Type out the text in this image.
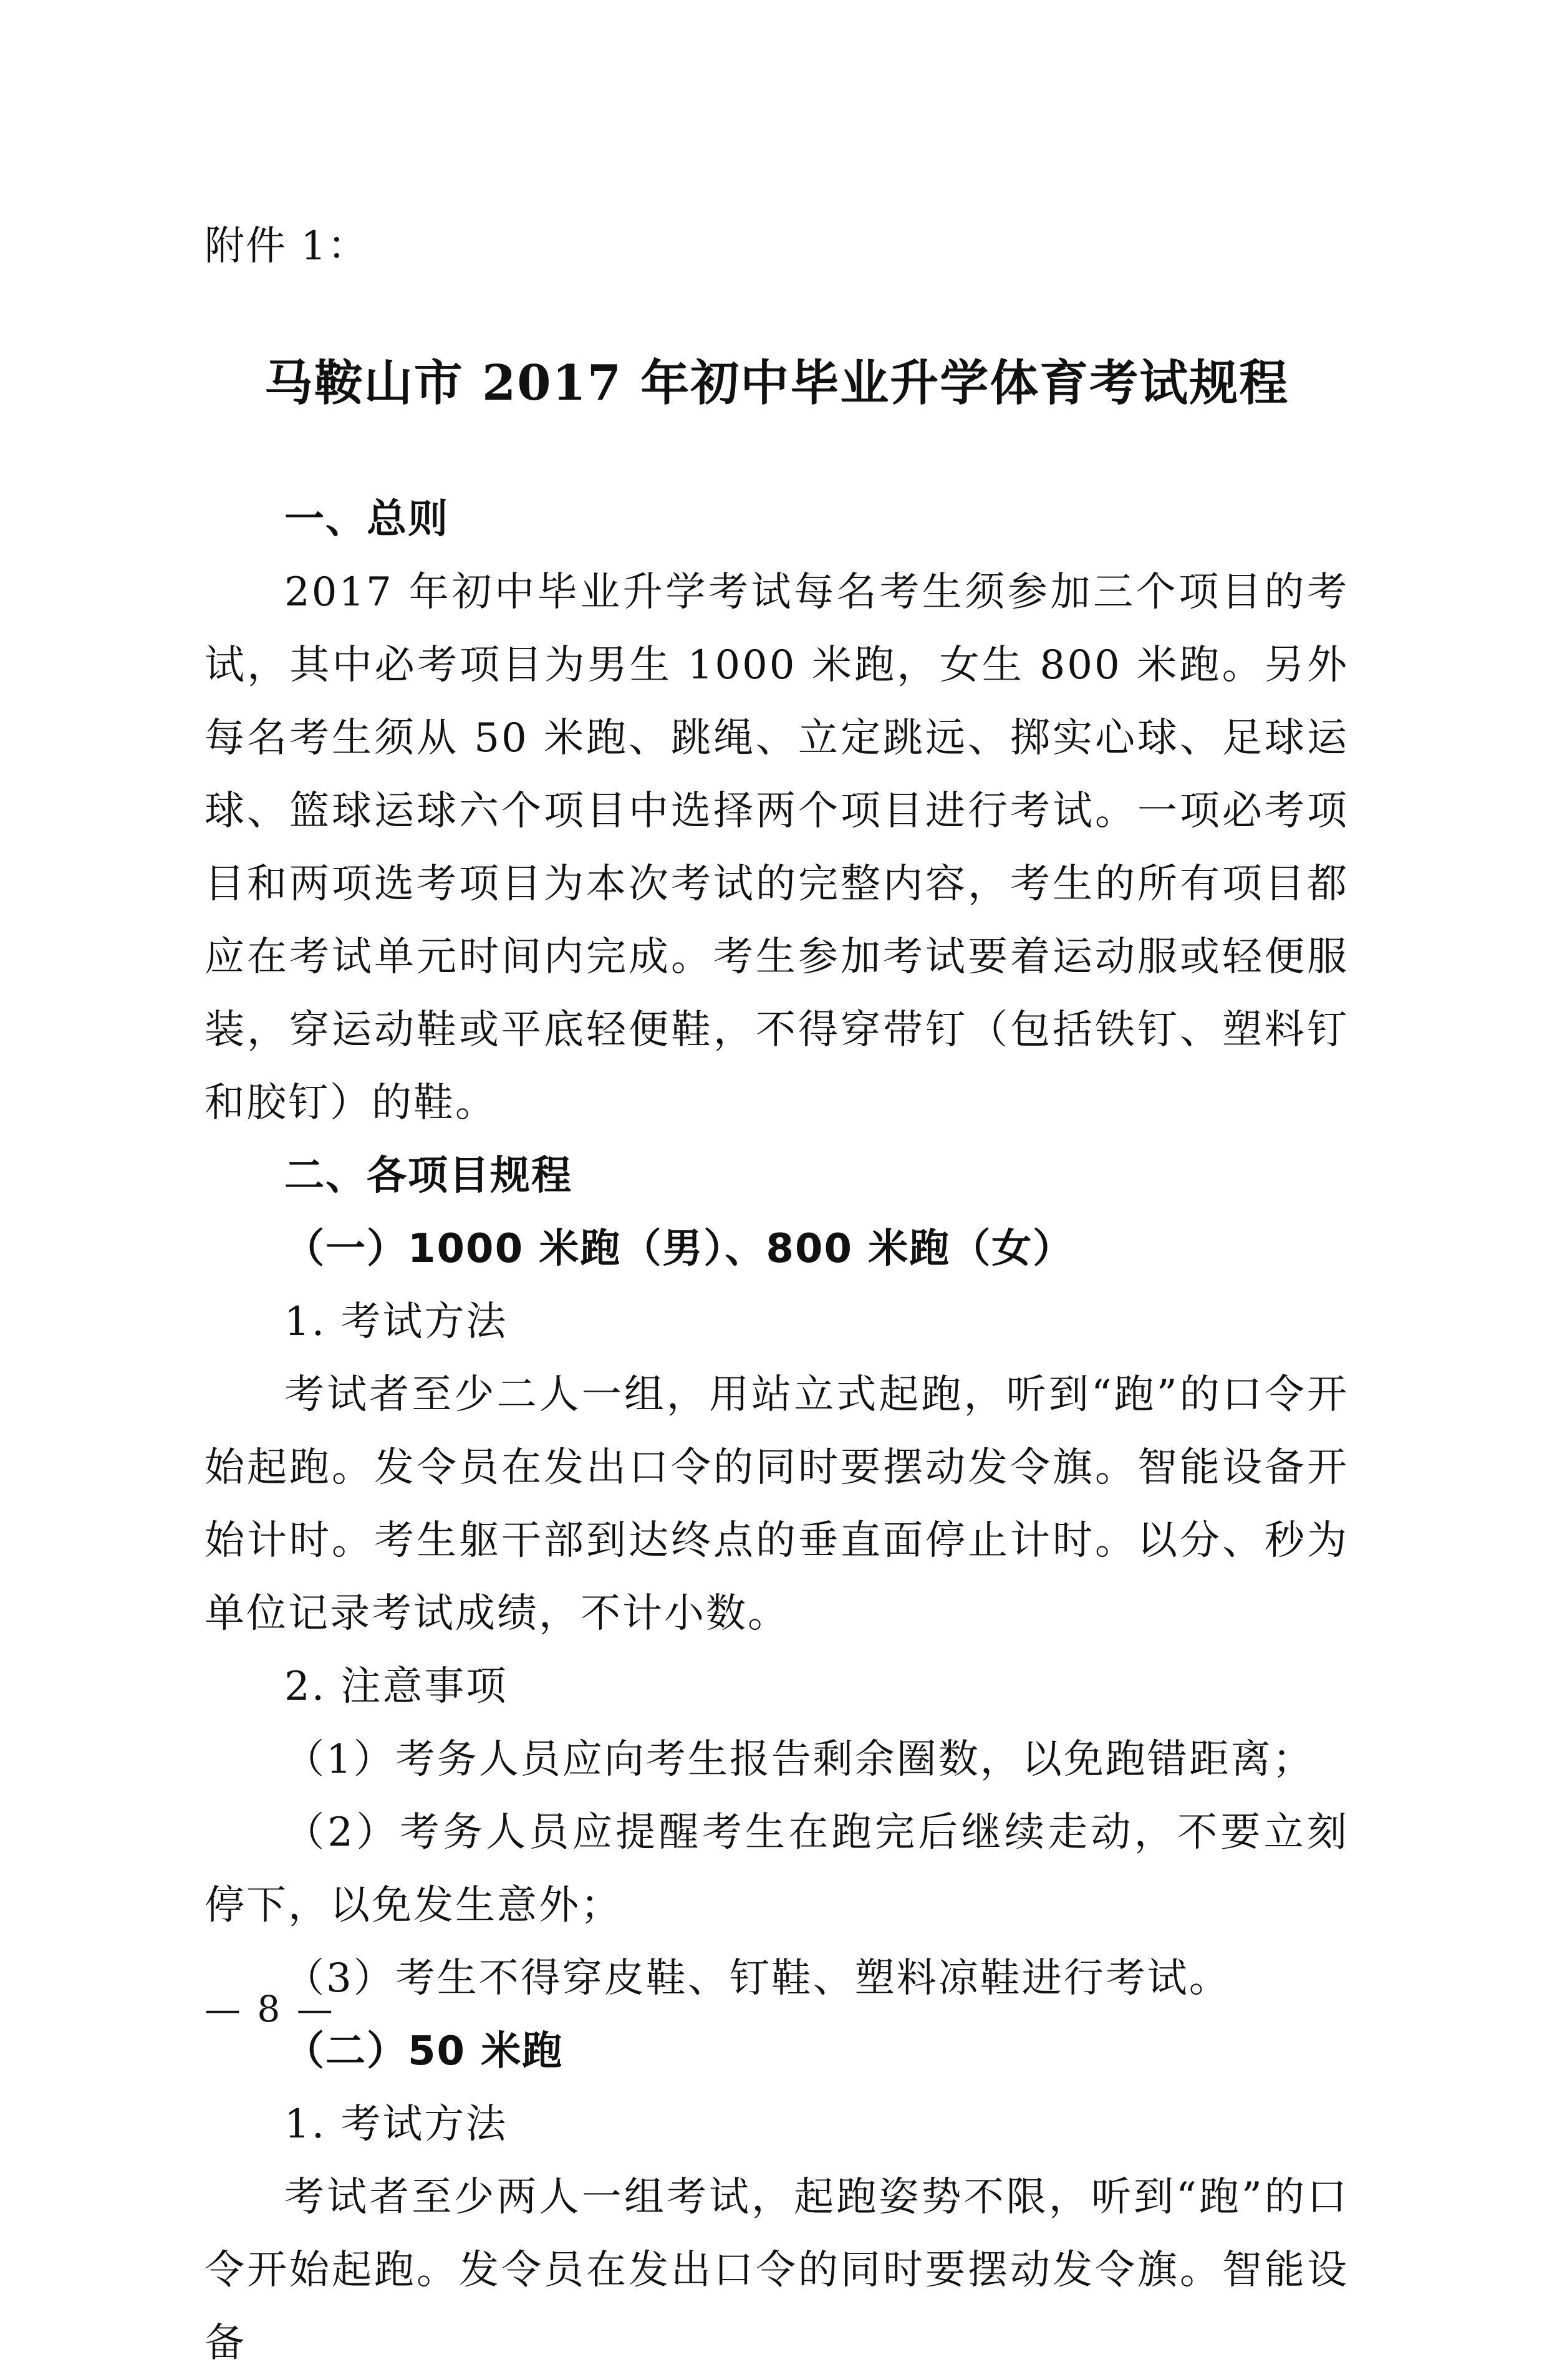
附件 1：
马鞍山市 2017 年初中毕业升学体育考试规程

一、总则

2017 年初中毕业升学考试每名考生须参加三个项目的考试，其中必考项目为男生 1000 米跑，女生 800 米跑。另外每名考生须从 50 米跑、跳绳、立定跳远、掷实心球、足球运球、篮球运球六个项目中选择两个项目进行考试。一项必考项目和两项选考项目为本次考试的完整内容，考生的所有项目都应在考试单元时间内完成。考生参加考试要着运动服或轻便服装，穿运动鞋或平底轻便鞋，不得穿带钉（包括铁钉、塑料钉和胶钉）的鞋。

二、各项目规程

（一）1000 米跑（男）、800 米跑（女）

1. 考试方法

考试者至少二人一组，用站立式起跑，听到“跑”的口令开始起跑。发令员在发出口令的同时要摆动发令旗。智能设备开始计时。考生躯干部到达终点的垂直面停止计时。以分、秒为单位记录考试成绩，不计小数。

2. 注意事项

（1）考务人员应向考生报告剩余圈数，以免跑错距离；

（2）考务人员应提醒考生在跑完后继续走动，不要立刻停下，以免发生意外；

（3）考生不得穿皮鞋、钉鞋、塑料凉鞋进行考试。

（二）50 米跑

1. 考试方法

考试者至少两人一组考试，起跑姿势不限，听到“跑”的口令开始起跑。发令员在发出口令的同时要摆动发令旗。智能设备

— 8 —
